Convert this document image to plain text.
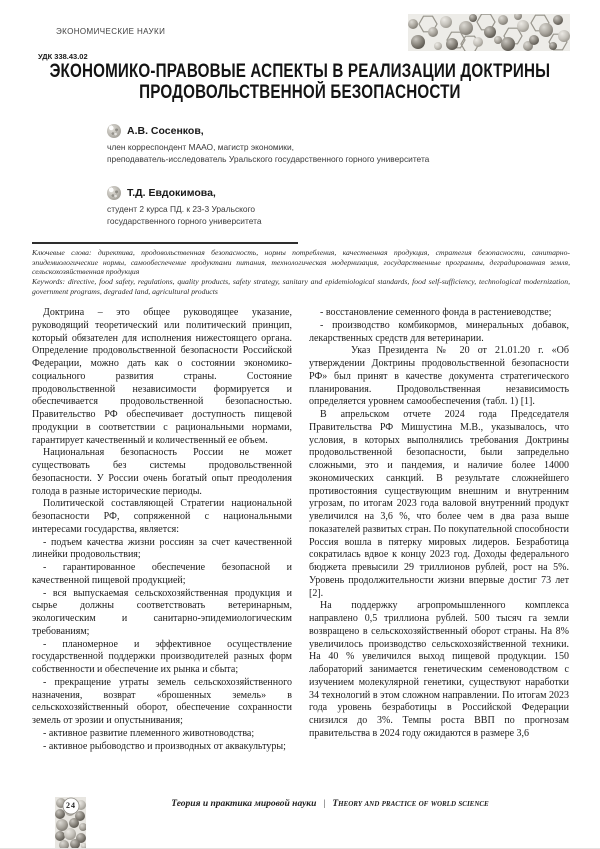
ЭКОНОМИЧЕСКИЕ НАУКИ
УДК 338.43.02
ЭКОНОМИКО-ПРАВОВЫЕ АСПЕКТЫ В РЕАЛИЗАЦИИ ДОКТРИНЫ
ПРОДОВОЛЬСТВЕННОЙ БЕЗОПАСНОСТИ
А.В. Сосенков,
член корреспондент МААО, магистр экономики,
преподаватель-исследователь Уральского государственного горного университета
Т.Д. Евдокимова,
студент 2 курса ПД. к 23-3 Уральского
государственного горного университета

Ключевые слова: директива, продовольственная безопасность, нормы потребления, качественная продукция, стратегия безопасности, санитарно-эпидемиологические нормы, самообеспечение продуктами питания, технологическая модернизация, государственные программы, деградированная земля, сельскохозяйственная продукция

Keywords: directive, food safety, regulations, quality products, safety strategy, sanitary and epidemiological standards, food self-sufficiency, technological modernization, government programs, degraded land, agricultural products

Доктрина – это общее руководящее указание, руководящий теоретический или политический принцип, который обязателен для исполнения нижестоящего органа. Определение продовольственной безопасности Российской Федерации, можно дать как о состоянии экономико-социального развития страны. Состояние продовольственной независимости формируется и обеспечивается продовольственной безопасностью. Правительство РФ обеспечивает доступность пищевой продукции в соответствии с рациональными нормами, гарантирует качественный и количественный ее объем.

Национальная безопасность России не может существовать без системы продовольственной безопасности. У России очень богатый опыт преодоления голода в разные исторические периоды.

Политической составляющей Стратегии национальной безопасности РФ, сопряженной с национальными интересами государства, является:

- подъем качества жизни россиян за счет качественной линейки продовольствия;

- гарантированное обеспечение безопасной и качественной пищевой продукцией;

- вся выпускаемая сельскохозяйственная продукция и сырье должны соответствовать ветеринарным, экологическим и санитарно-эпидемиологическим требованиям;

- планомерное и эффективное осуществление государственной поддержки производителей разных форм собственности и обеспечение их рынка и сбыта;

- прекращение утраты земель сельскохозяйственного назначения, возврат «брошенных земель» в сельскохозяйственный оборот, обеспечение сохранности земель от эрозии и опустынивания;

- активное развитие племенного животноводства;

- активное рыбоводство и производных от аквакультуры;

- восстановление семенного фонда в растениеводстве;

- производство комбикормов, минеральных добавок, лекарственных средств для ветеринарии.

Указ Президента № 20 от 21.01.20 г. «Об утверждении Доктрины продовольственной безопасности РФ» был принят в качестве документа стратегического планирования. Продовольственная независимость определяется уровнем самообеспечения (табл. 1) [1].

В апрельском отчете 2024 года Председателя Правительства РФ Мишустина М.В., указывалось, что условия, в которых выполнялись требования Доктрины продовольственной безопасности, были запредельно сложными, это и пандемия, и наличие более 14000 экономических санкций. В результате сложнейшего противостояния существующим внешним и внутренним угрозам, по итогам 2023 года валовой внутренний продукт увеличился на 3,6 %, что более чем в два раза выше показателей развитых стран. По покупательной способности Россия вошла в пятерку мировых лидеров. Безработица сократилась вдвое к концу 2023 год. Доходы федерального бюджета превысили 29 триллионов рублей, рост на 5%. Уровень продолжительности жизни впервые достиг 73 лет [2].

На поддержку агропромышленного комплекса направлено 0,5 триллиона рублей. 500 тысяч га земли возвращено в сельскохозяйственный оборот страны. На 8% увеличилось производство сельскохозяйственной техники. На 40 % увеличился выход пищевой продукции. 150 лабораторий занимается генетическим семеноводством с изучением молекулярной генетики, существуют наработки 34 технологий в этом сложном направлении. По итогам 2023 года уровень безработицы в Российской Федерации снизился до 3%. Темпы роста ВВП по прогнозам правительства в 2024 году ожидаются в размере 3,6

24	Теория и практика мировой науки | Theory and practice of world science
